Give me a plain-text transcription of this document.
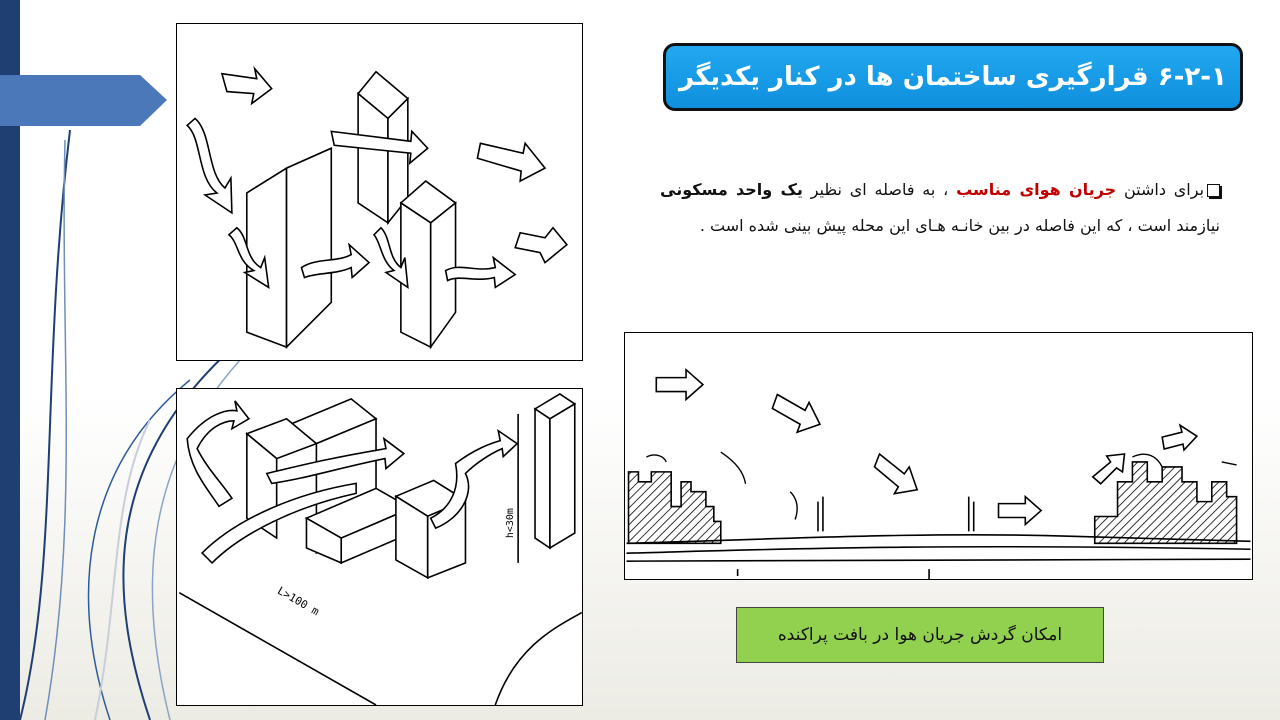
L>100 m
h<30m
۶-۲-۱ قرارگیری ساختمان ها در کنار یکدیگر
برای داشتن جریان هوای مناسب ، به فاصله ای نظیر یک واحد مسکونی نیازمند است ، که این فاصله در بین خانـه هـای این محله پیش بینی شده است .
امکان گردش جریان هوا در بافت پراکنده
